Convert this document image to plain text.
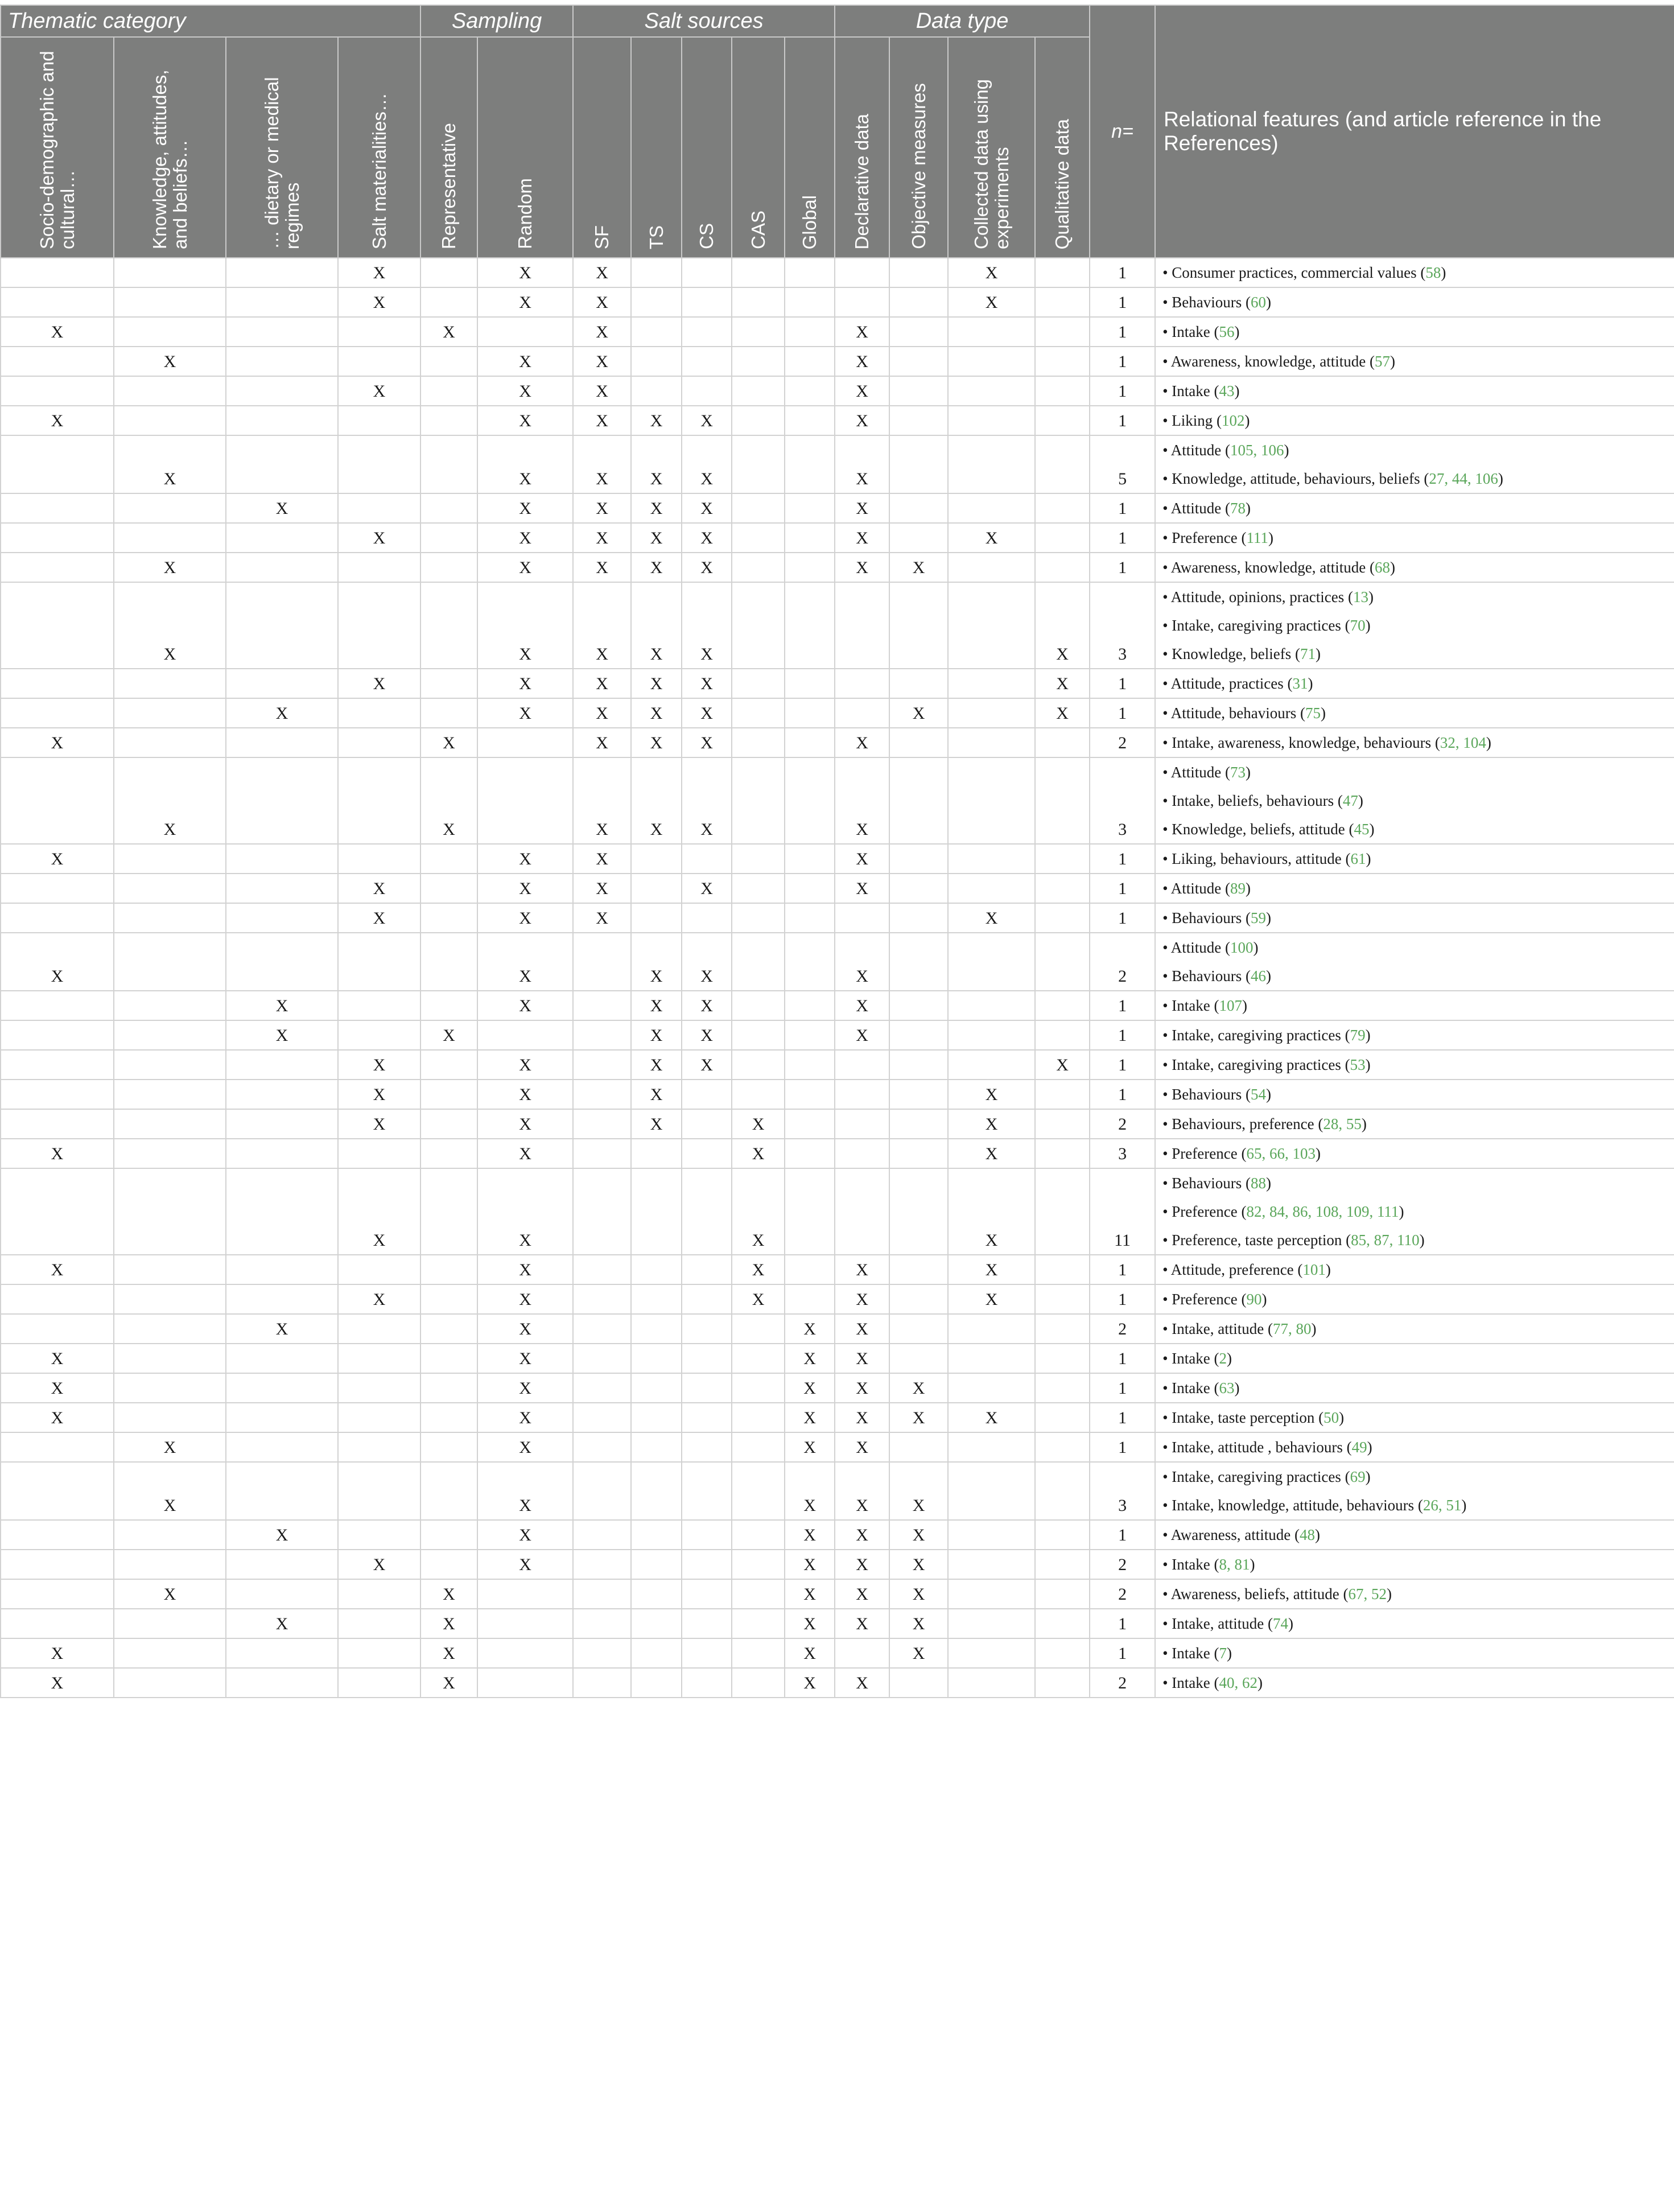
Thematic category				Sampling		Salt sources					Data type				n=	Relational features (and article reference in the References)

Socio-demographic and cultural…	Knowledge, attitudes, and beliefs…	… dietary or medical regimes	Salt materialities…	Representative	Random	SF	TS	CS	CAS	Global	Declarative data	Objective measures	Collected data using experiments	Qualitative data		

			X		X	X							X		1	• Consumer practices, commercial values (58)

			X		X	X							X		1	• Behaviours (60)

X				X		X					X				1	• Intake (56)

	X				X	X					X				1	• Awareness, knowledge, attitude (57)

			X		X	X					X				1	• Intake (43)

X					X	X	X	X			X				1	• Liking (102)

	X				X	X	X	X			X				5	• Attitude (105, 106)
• Knowledge, attitude, behaviours, beliefs (27, 44, 106)

		X			X	X	X	X			X				1	• Attitude (78)

			X		X	X	X	X			X		X		1	• Preference (111)

	X				X	X	X	X			X	X			1	• Awareness, knowledge, attitude (68)

	X				X	X	X	X						X	3	• Attitude, opinions, practices (13)
• Intake, caregiving practices (70)
• Knowledge, beliefs (71)

			X		X	X	X	X						X	1	• Attitude, practices (31)

		X			X	X	X	X				X		X	1	• Attitude, behaviours (75)

X				X		X	X	X			X				2	• Intake, awareness, knowledge, behaviours (32, 104)

	X			X		X	X	X			X				3	• Attitude (73)
• Intake, beliefs, behaviours (47)
• Knowledge, beliefs, attitude (45)

X					X	X					X				1	• Liking, behaviours, attitude (61)

			X		X	X		X			X				1	• Attitude (89)

			X		X	X							X		1	• Behaviours (59)

X					X		X	X			X				2	• Attitude (100)
• Behaviours (46)

		X			X		X	X			X				1	• Intake (107)

		X		X			X	X			X				1	• Intake, caregiving practices (79)

			X		X		X	X						X	1	• Intake, caregiving practices (53)

			X		X		X						X		1	• Behaviours (54)

			X		X		X		X				X		2	• Behaviours, preference (28, 55)

X					X				X				X		3	• Preference (65, 66, 103)

			X		X				X				X		11	• Behaviours (88)
• Preference (82, 84, 86, 108, 109, 111)
• Preference, taste perception (85, 87, 110)

X					X				X		X		X		1	• Attitude, preference (101)

			X		X				X		X		X		1	• Preference (90)

		X			X					X	X				2	• Intake, attitude (77, 80)

X					X					X	X				1	• Intake (2)

X					X					X	X	X			1	• Intake (63)

X					X					X	X	X	X		1	• Intake, taste perception (50)

	X				X					X	X				1	• Intake, attitude , behaviours (49)

	X				X					X	X	X			3	• Intake, caregiving practices (69)
• Intake, knowledge, attitude, behaviours (26, 51)

		X			X					X	X	X			1	• Awareness, attitude (48)

			X		X					X	X	X			2	• Intake (8, 81)

	X			X						X	X	X			2	• Awareness, beliefs, attitude (67, 52)

		X		X						X	X	X			1	• Intake, attitude (74)

X				X						X		X			1	• Intake (7)

X				X						X	X				2	• Intake (40, 62)
